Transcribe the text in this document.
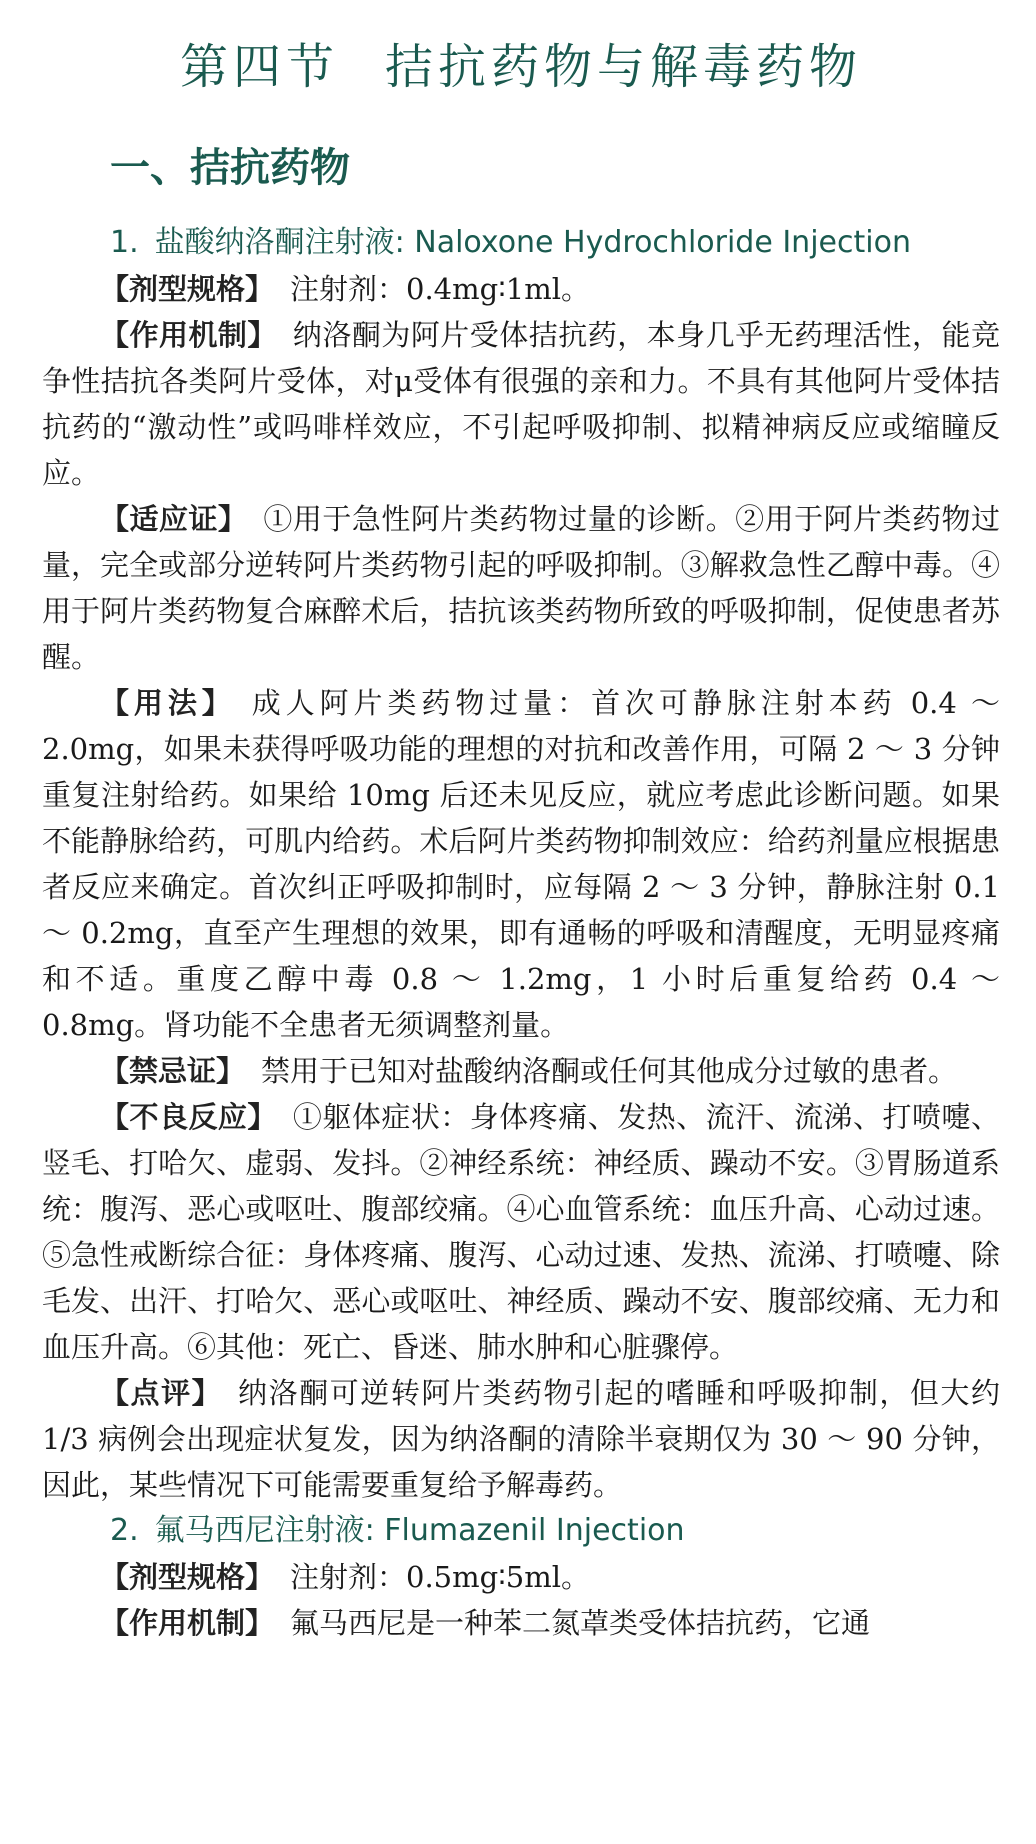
第四节 拮抗药物与解毒药物
一、拮抗药物

1. 盐酸纳洛酮注射液: Naloxone Hydrochloride Injection

【剂型规格】 注射剂：0.4mg∶1ml。

【作用机制】 纳洛酮为阿片受体拮抗药，本身几乎无药理活性，能竞争性拮抗各类阿片受体，对μ受体有很强的亲和力。不具有其他阿片受体拮抗药的“激动性”或吗啡样效应，不引起呼吸抑制、拟精神病反应或缩瞳反应。

【适应证】 ①用于急性阿片类药物过量的诊断。②用于阿片类药物过量，完全或部分逆转阿片类药物引起的呼吸抑制。③解救急性乙醇中毒。④用于阿片类药物复合麻醉术后，拮抗该类药物所致的呼吸抑制，促使患者苏醒。

【用法】 成人阿片类药物过量：首次可静脉注射本药 0.4 ～ 2.0mg，如果未获得呼吸功能的理想的对抗和改善作用，可隔 2 ～ 3 分钟重复注射给药。如果给 10mg 后还未见反应，就应考虑此诊断问题。如果不能静脉给药，可肌内给药。术后阿片类药物抑制效应：给药剂量应根据患者反应来确定。首次纠正呼吸抑制时，应每隔 2 ～ 3 分钟，静脉注射 0.1 ～ 0.2mg，直至产生理想的效果，即有通畅的呼吸和清醒度，无明显疼痛和不适。重度乙醇中毒 0.8 ～ 1.2mg，1 小时后重复给药 0.4 ～ 0.8mg。肾功能不全患者无须调整剂量。

【禁忌证】 禁用于已知对盐酸纳洛酮或任何其他成分过敏的患者。

【不良反应】 ①躯体症状：身体疼痛、发热、流汗、流涕、打喷嚏、竖毛、打哈欠、虚弱、发抖。②神经系统：神经质、躁动不安。③胃肠道系统：腹泻、恶心或呕吐、腹部绞痛。④心血管系统：血压升高、心动过速。⑤急性戒断综合征：身体疼痛、腹泻、心动过速、发热、流涕、打喷嚏、除毛发、出汗、打哈欠、恶心或呕吐、神经质、躁动不安、腹部绞痛、无力和血压升高。⑥其他：死亡、昏迷、肺水肿和心脏骤停。

【点评】 纳洛酮可逆转阿片类药物引起的嗜睡和呼吸抑制，但大约 1/3 病例会出现症状复发，因为纳洛酮的清除半衰期仅为 30 ～ 90 分钟，因此，某些情况下可能需要重复给予解毒药。

2. 氟马西尼注射液: Flumazenil Injection

【剂型规格】 注射剂：0.5mg∶5ml。

【作用机制】 氟马西尼是一种苯二氮䓬类受体拮抗药，它通
